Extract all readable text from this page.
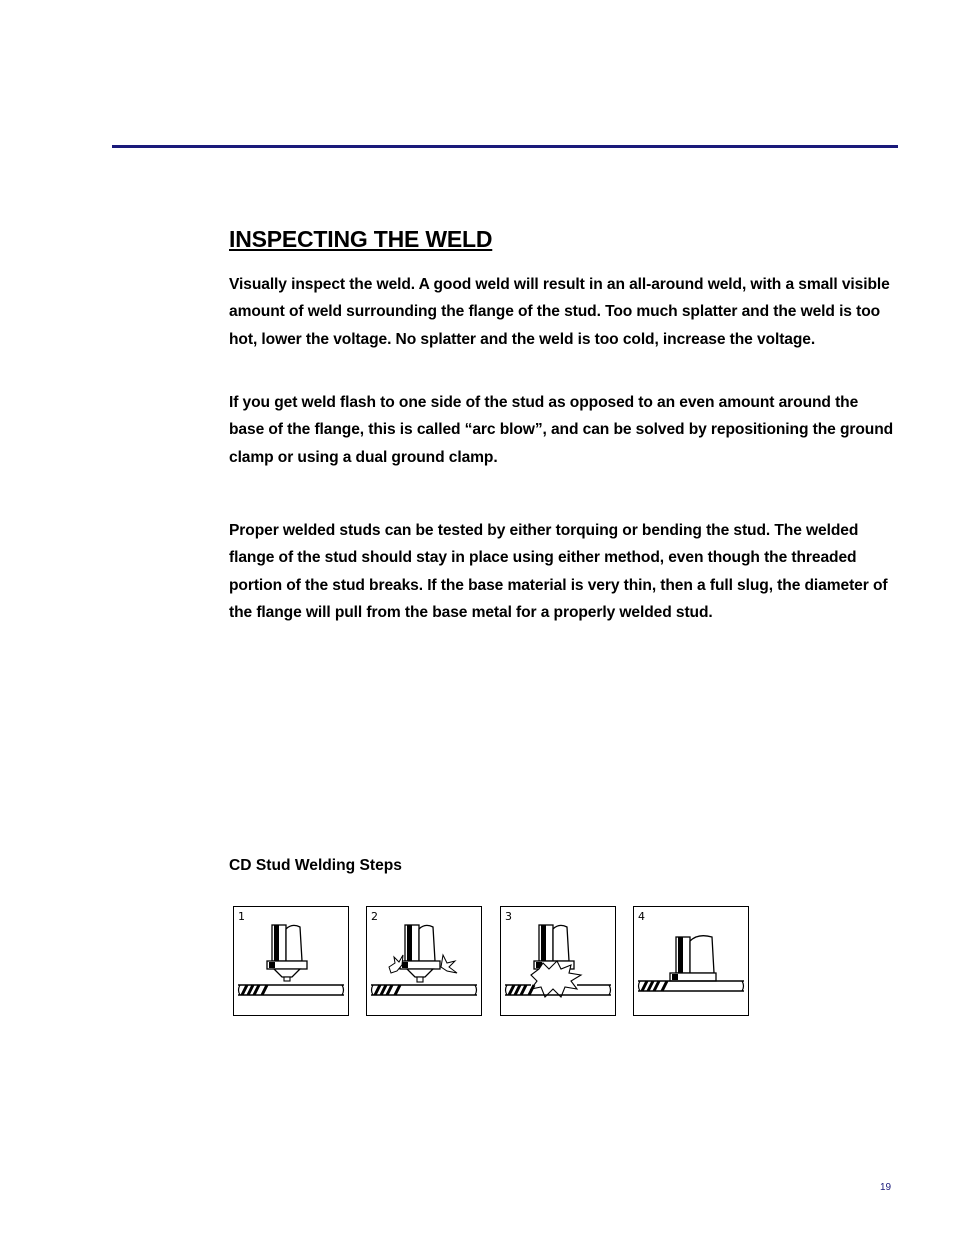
INSPECTING THE WELD

Visually inspect the weld. A good weld will result in an all-around weld, with a small visible amount of weld surrounding the flange of the stud. Too much splatter and the weld is too hot, lower the voltage. No splatter and the weld is too cold, increase the voltage.

If you get weld flash to one side of the stud as opposed to an even amount around the base of the flange, this is called “arc blow”, and can be solved by repositioning the ground clamp or using a dual ground clamp.

Proper welded studs can be tested by either torquing or bending the stud. The welded flange of the stud should stay in place using either method, even though the threaded portion of the stud breaks. If the base material is very thin, then a full slug, the diameter of the flange will pull from the base metal for a properly welded stud.

CD Stud Welding Steps

1	2	3	4
19
